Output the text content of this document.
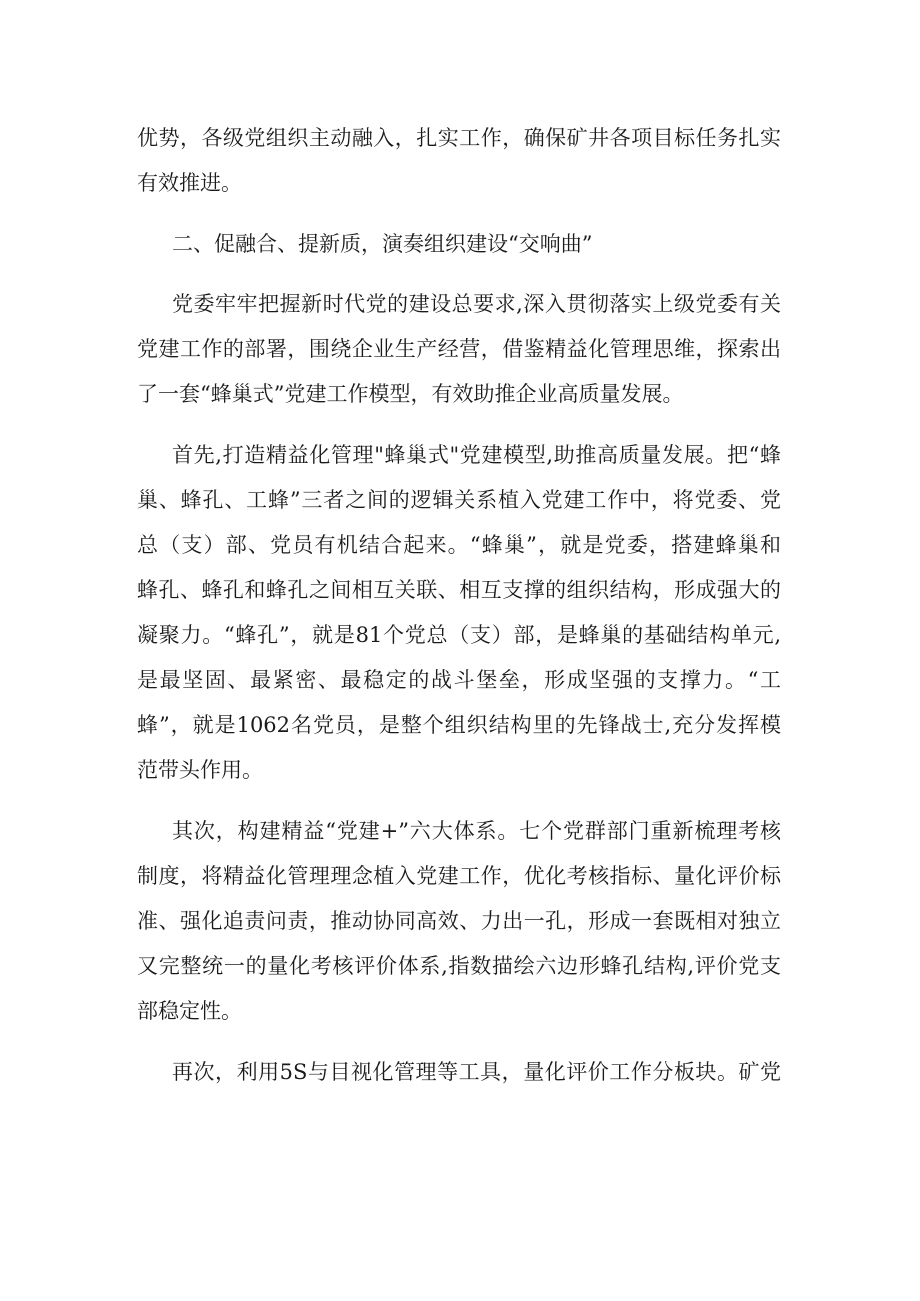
优势，各级党组织主动融入，扎实工作，确保矿井各项目标任务扎实

有效推进。

二、促融合、提新质，演奏组织建设“交响曲”

党委牢牢把握新时代党的建设总要求,深入贯彻落实上级党委有关

党建工作的部署，围绕企业生产经营，借鉴精益化管理思维，探索出

了一套“蜂巢式”党建工作模型，有效助推企业高质量发展。

首先,打造精益化管理"蜂巢式"党建模型,助推高质量发展。把“蜂

巢、蜂孔、工蜂”三者之间的逻辑关系植入党建工作中，将党委、党

总（支）部、党员有机结合起来。“蜂巢”，就是党委，搭建蜂巢和

蜂孔、蜂孔和蜂孔之间相互关联、相互支撑的组织结构，形成强大的

凝聚力。“蜂孔”，就是81个党总（支）部，是蜂巢的基础结构单元,

是最坚固、最紧密、最稳定的战斗堡垒，形成坚强的支撑力。“工

蜂”，就是1062名党员，是整个组织结构里的先锋战士,充分发挥模

范带头作用。

其次，构建精益“党建+”六大体系。七个党群部门重新梳理考核

制度，将精益化管理理念植入党建工作，优化考核指标、量化评价标

准、强化追责问责，推动协同高效、力出一孔，形成一套既相对独立

又完整统一的量化考核评价体系,指数描绘六边形蜂孔结构,评价党支

部稳定性。

再次，利用5S与目视化管理等工具，量化评价工作分板块。矿党
